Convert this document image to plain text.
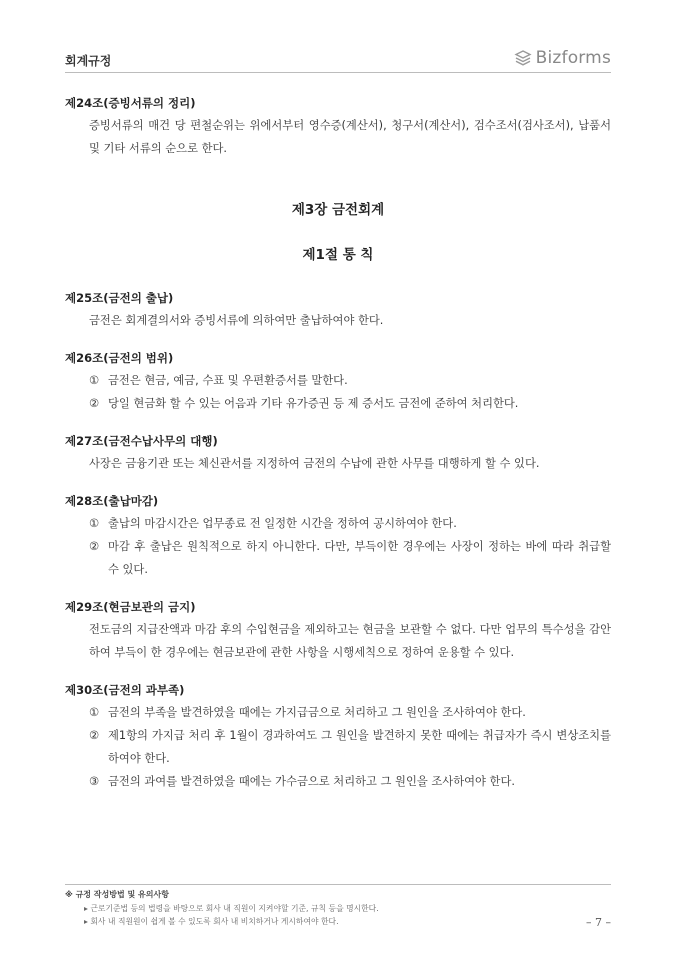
회계규정	Bizforms

제24조(증빙서류의 정리)

증빙서류의 매건 당 편철순위는 위에서부터 영수증(계산서), 청구서(계산서), 검수조서(검사조서), 납품서 및 기타 서류의 순으로 한다.

제3장 금전회계
제1절 통 칙

제25조(금전의 출납)

금전은 회계결의서와 증빙서류에 의하여만 출납하여야 한다.

제26조(금전의 범위)

① 금전은 현금, 예금, 수표 및 우편환증서를 말한다.
② 당일 현금화 할 수 있는 어음과 기타 유가증권 등 제 증서도 금전에 준하여 처리한다.

제27조(금전수납사무의 대행)

사장은 금융기관 또는 체신관서를 지정하여 금전의 수납에 관한 사무를 대행하게 할 수 있다.

제28조(출납마감)

① 출납의 마감시간은 업무종료 전 일정한 시간을 정하여 공시하여야 한다.
② 마감 후 출납은 원칙적으로 하지 아니한다. 다만, 부득이한 경우에는 사장이 정하는 바에 따라 취급할 수 있다.

제29조(현금보관의 금지)

전도금의 지급잔액과 마감 후의 수입현금을 제외하고는 현금을 보관할 수 없다. 다만 업무의 특수성을 감안하여 부득이 한 경우에는 현금보관에 관한 사항을 시행세칙으로 정하여 운용할 수 있다.

제30조(금전의 과부족)

① 금전의 부족을 발견하였을 때에는 가지급금으로 처리하고 그 원인을 조사하여야 한다.
② 제1항의 가지급 처리 후 1월이 경과하여도 그 원인을 발견하지 못한 때에는 취급자가 즉시 변상조치를 하여야 한다.
③ 금전의 과여를 발견하였을 때에는 가수금으로 처리하고 그 원인을 조사하여야 한다.
※ 규정 작성방법 및 유의사항
▸ 근로기준법 등의 법령을 바탕으로 회사 내 직원이 지켜야할 기준, 규칙 등을 명시한다.
▸ 회사 내 직원원이 쉽게 볼 수 있도록 회사 내 비치하거나 게시하여야 한다.	– 7 –
